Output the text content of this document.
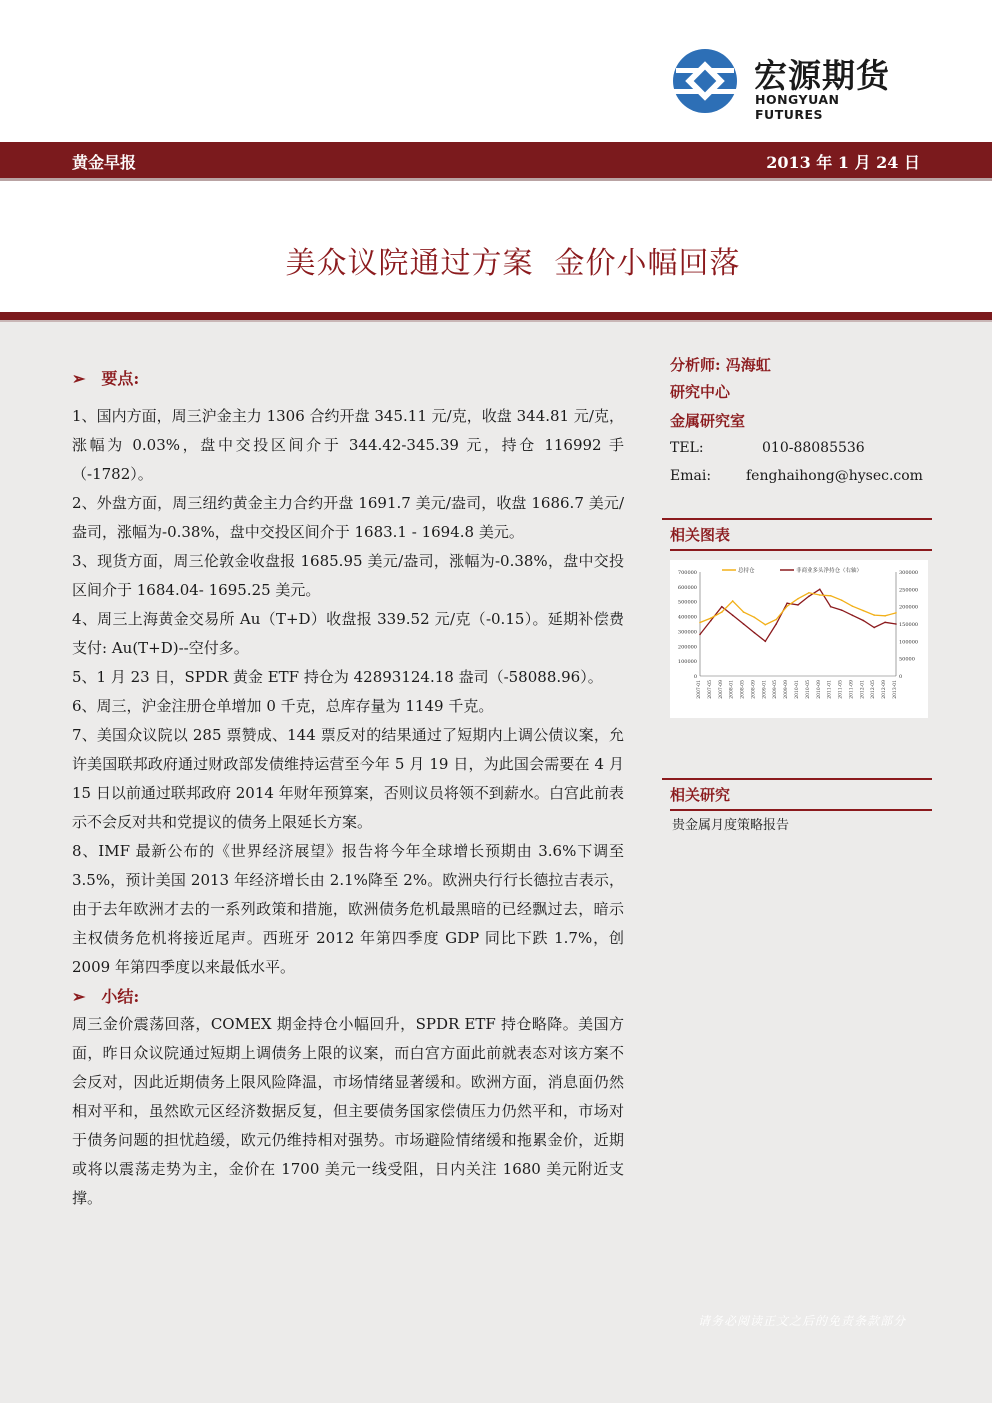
宏源期货
HONGYUAN FUTURES
黄金早报	2013 年 1 月 24 日
美众议院通过方案  金价小幅回落
➢ 要点:
1、国内方面，周三沪金主力 1306 合约开盘 345.11 元/克，收盘 344.81 元/克，涨幅为 0.03%，盘中交投区间介于 344.42-345.39 元，持仓 116992 手（-1782）。
2、外盘方面，周三纽约黄金主力合约开盘 1691.7 美元/盎司，收盘 1686.7 美元/盎司，涨幅为-0.38%，盘中交投区间介于 1683.1 - 1694.8 美元。
3、现货方面，周三伦敦金收盘报 1685.95 美元/盎司，涨幅为-0.38%，盘中交投区间介于 1684.04- 1695.25 美元。
4、周三上海黄金交易所 Au（T+D）收盘报 339.52 元/克（-0.15）。延期补偿费支付: Au(T+D)--空付多。
5、1 月 23 日，SPDR 黄金 ETF 持仓为 42893124.18 盎司（-58088.96）。
6、周三，沪金注册仓单增加 0 千克，总库存量为 1149 千克。
7、美国众议院以 285 票赞成、144 票反对的结果通过了短期内上调公债议案，允许美国联邦政府通过财政部发债维持运营至今年 5 月 19 日，为此国会需要在 4 月 15 日以前通过联邦政府 2014 年财年预算案，否则议员将领不到薪水。白宫此前表示不会反对共和党提议的债务上限延长方案。
8、IMF 最新公布的《世界经济展望》报告将今年全球增长预期由 3.6%下调至 3.5%，预计美国 2013 年经济增长由 2.1%降至 2%。欧洲央行行长德拉吉表示，由于去年欧洲才去的一系列政策和措施，欧洲债务危机最黑暗的已经飘过去，暗示主权债务危机将接近尾声。西班牙 2012 年第四季度 GDP 同比下跌 1.7%，创 2009 年第四季度以来最低水平。
➢ 小结:
周三金价震荡回落，COMEX 期金持仓小幅回升，SPDR ETF 持仓略降。美国方面，昨日众议院通过短期上调债务上限的议案，而白宫方面此前就表态对该方案不会反对，因此近期债务上限风险降温，市场情绪显著缓和。欧洲方面，消息面仍然相对平和，虽然欧元区经济数据反复，但主要债务国家偿债压力仍然平和，市场对于债务问题的担忧趋缓，欧元仍维持相对强势。市场避险情绪缓和拖累金价，近期或将以震荡走势为主，金价在 1700 美元一线受阻，日内关注 1680 美元附近支撑。
分析师: 冯海虹
研究中心
金属研究室
TEL:	010-88085536
Emai: fenghaihong@hysec.com
相关图表
700000
600000
500000
400000
300000
200000
100000
0
300000
250000
200000
150000
100000
50000
0
2007-01 2007-05 2007-09 2008-01 2008-05 2008-09 2009-01 2009-05 2009-09 2010-01 2010-05 2010-09 2011-01 2011-05 2011-09 2012-01 2012-05 2012-09 2013-01
总持仓	非商业多头净持仓（右轴）
相关研究
贵金属月度策略报告
请务必阅读正文之后的免责条款部分
